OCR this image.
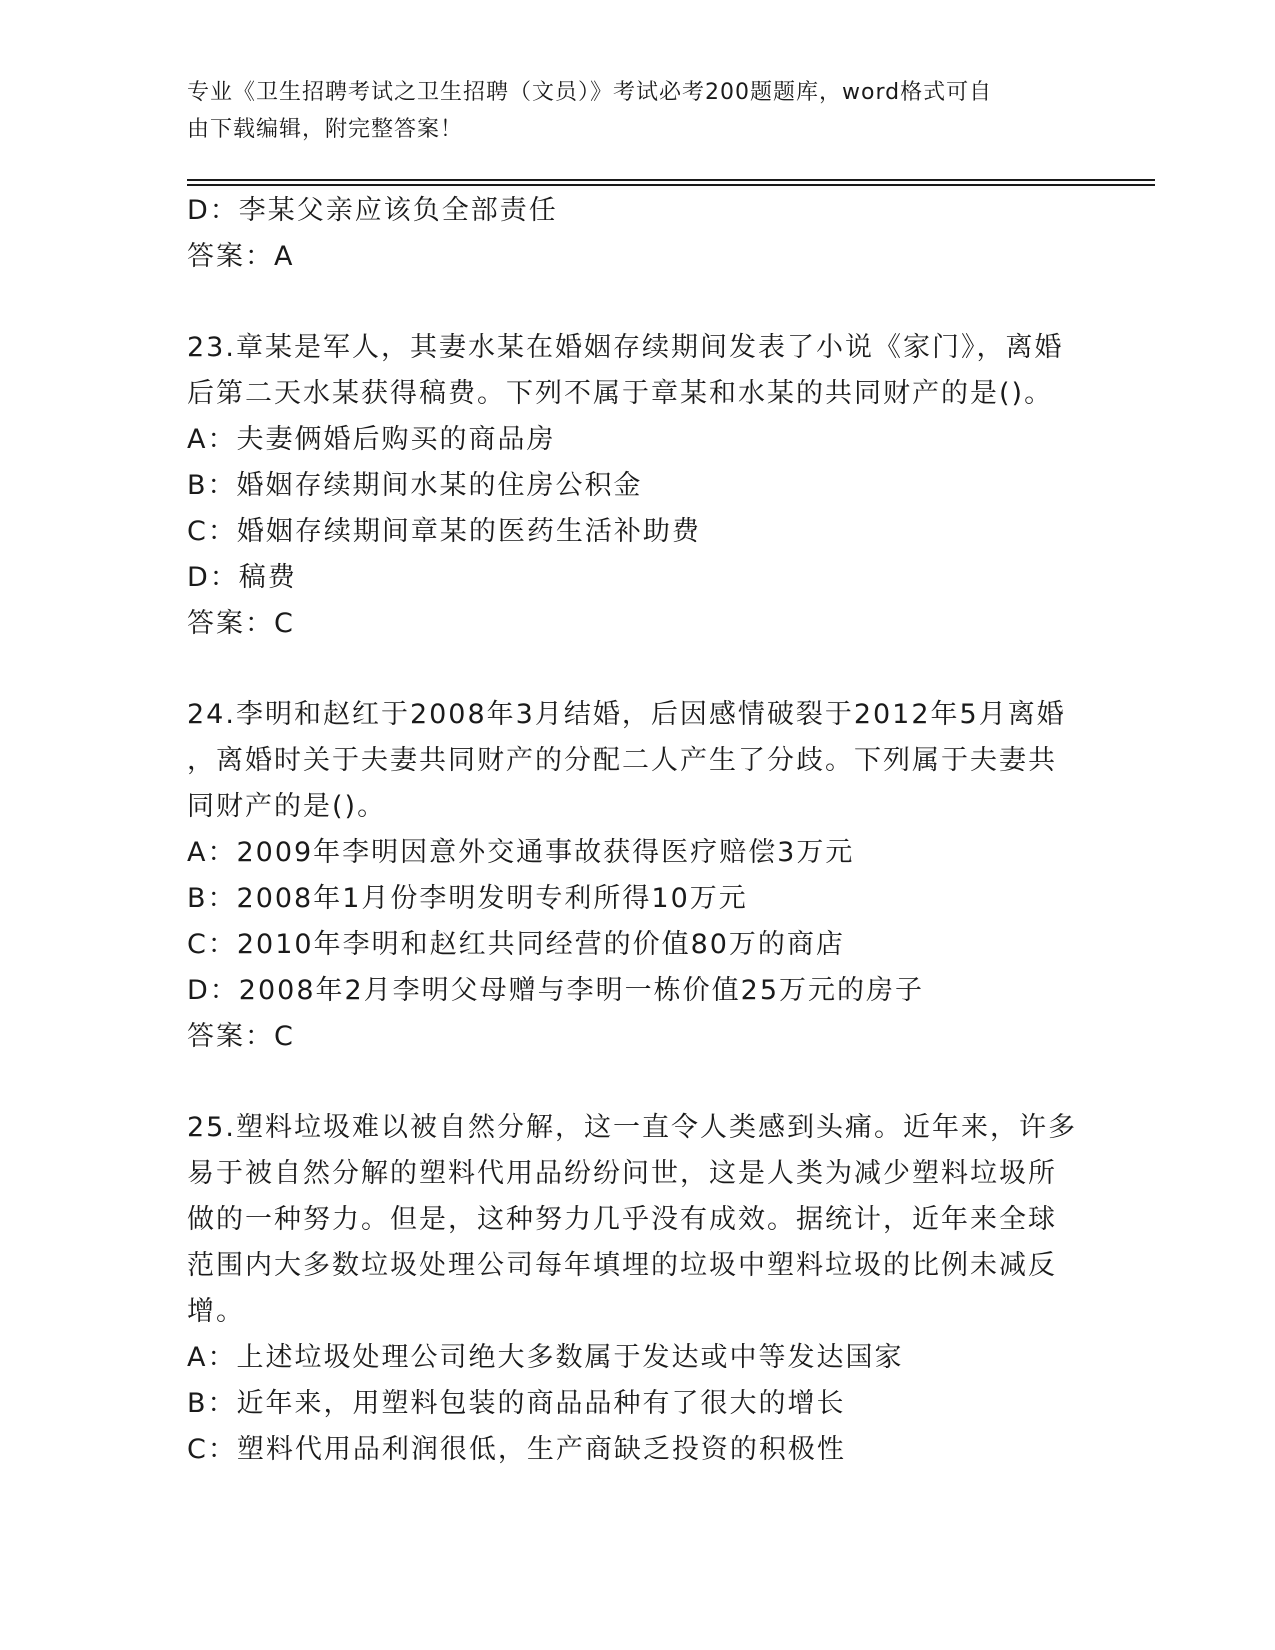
专业《卫生招聘考试之卫生招聘（文员）》考试必考200题题库，word格式可自
由下载编辑，附完整答案！
D：李某父亲应该负全部责任
答案：A
23.章某是军人，其妻水某在婚姻存续期间发表了小说《家门》，离婚
后第二天水某获得稿费。下列不属于章某和水某的共同财产的是()。
A：夫妻俩婚后购买的商品房
B：婚姻存续期间水某的住房公积金
C：婚姻存续期间章某的医药生活补助费
D：稿费
答案：C
24.李明和赵红于2008年3月结婚，后因感情破裂于2012年5月离婚
，离婚时关于夫妻共同财产的分配二人产生了分歧。下列属于夫妻共
同财产的是()。
A：2009年李明因意外交通事故获得医疗赔偿3万元
B：2008年1月份李明发明专利所得10万元
C：2010年李明和赵红共同经营的价值80万的商店
D：2008年2月李明父母赠与李明一栋价值25万元的房子
答案：C
25.塑料垃圾难以被自然分解，这一直令人类感到头痛。近年来，许多
易于被自然分解的塑料代用品纷纷问世，这是人类为减少塑料垃圾所
做的一种努力。但是，这种努力几乎没有成效。据统计，近年来全球
范围内大多数垃圾处理公司每年填埋的垃圾中塑料垃圾的比例未减反
增。
A：上述垃圾处理公司绝大多数属于发达或中等发达国家
B：近年来，用塑料包装的商品品种有了很大的增长
C：塑料代用品利润很低，生产商缺乏投资的积极性
